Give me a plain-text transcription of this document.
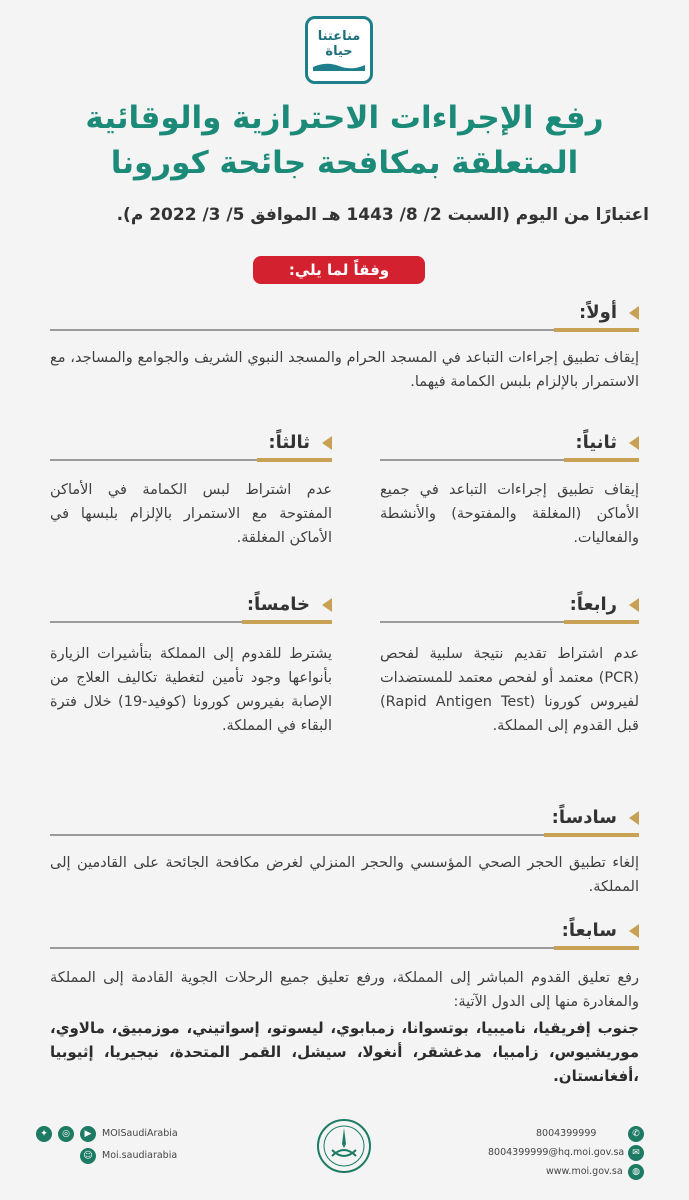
مناعتنا
حياة
رفع الإجراءات الاحترازية والوقائية
المتعلقة بمكافحة جائحة كورونا
اعتبارًا من اليوم (السبت 2/ 8/ 1443 هـ الموافق 5/ 3/ 2022 م).
وفقاً لما يلي:
أولاً:
إيقاف تطبيق إجراءات التباعد في المسجد الحرام والمسجد النبوي الشريف والجوامع والمساجد، مع الاستمرار بالإلزام بلبس الكمامة فيهما.
ثانياً:
إيقاف تطبيق إجراءات التباعد في جميع الأماكن (المغلقة والمفتوحة) والأنشطة والفعاليات.
ثالثاً:
عدم اشتراط لبس الكمامة في الأماكن المفتوحة مع الاستمرار بالإلزام بلبسها في الأماكن المغلقة.
رابعاً:
عدم اشتراط تقديم نتيجة سلبية لفحص (PCR) معتمد أو لفحص معتمد للمستضدات لفيروس كورونا (Rapid Antigen Test) قبل القدوم إلى المملكة.
خامساً:
يشترط للقدوم إلى المملكة بتأشيرات الزيارة بأنواعها وجود تأمين لتغطية تكاليف العلاج من الإصابة بفيروس كورونا (كوفيد-19) خلال فترة البقاء في المملكة.
سادساً:
إلغاء تطبيق الحجر الصحي المؤسسي والحجر المنزلي لغرض مكافحة الجائحة على القادمين إلى المملكة.
سابعاً:
رفع تعليق القدوم المباشر إلى المملكة، ورفع تعليق جميع الرحلات الجوية القادمة إلى المملكة والمغادرة منها إلى الدول الآتية:
جنوب إفريقيا، ناميبيا، بوتسوانا، زمبابوي، ليسوتو، إسواتيني، موزمبيق، مالاوي، موريشيوس، زامبيا، مدغشقر، أنغولا، سيشل، القمر المتحدة، نيجيريا، إثيوبيا ،أفغانستان.
✦	◎	▶	MOISaudiArabia
☺ Moi.saudiarabia
8004399999	✆
8004399999@hq.moi.gov.sa ✉
www.moi.gov.sa	◍
